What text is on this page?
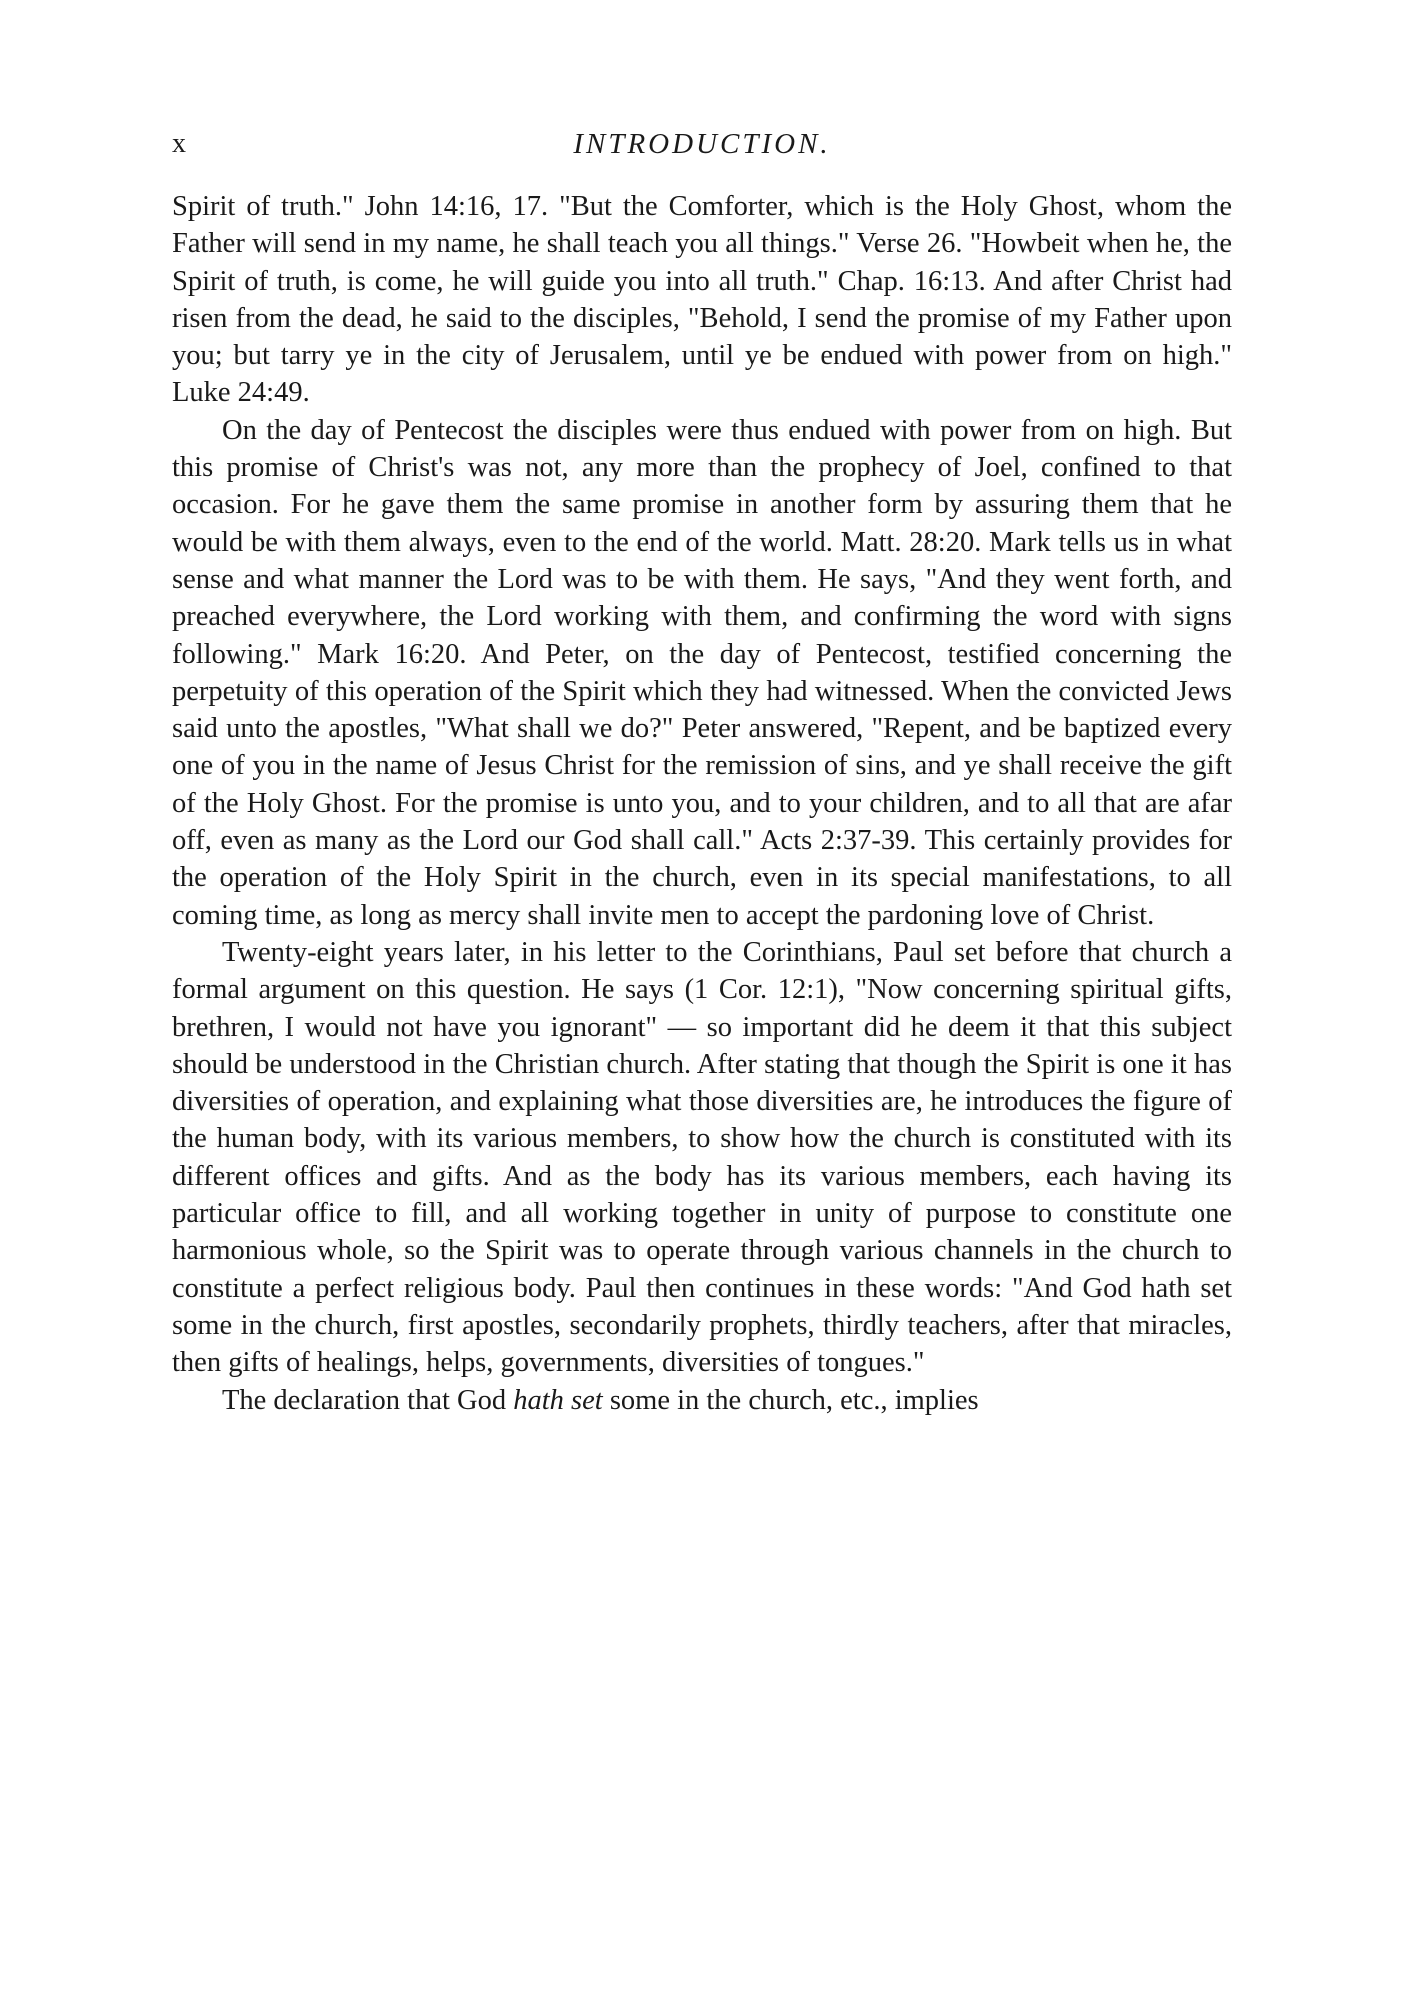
x	INTRODUCTION.

Spirit of truth." John 14:16, 17. "But the Comforter, which is the Holy Ghost, whom the Father will send in my name, he shall teach you all things." Verse 26. "Howbeit when he, the Spirit of truth, is come, he will guide you into all truth." Chap. 16:13. And after Christ had risen from the dead, he said to the disciples, "Behold, I send the promise of my Father upon you; but tarry ye in the city of Jerusalem, until ye be endued with power from on high." Luke 24:49.

On the day of Pentecost the disciples were thus endued with power from on high. But this promise of Christ's was not, any more than the prophecy of Joel, confined to that occasion. For he gave them the same promise in another form by assuring them that he would be with them always, even to the end of the world. Matt. 28:20. Mark tells us in what sense and what manner the Lord was to be with them. He says, "And they went forth, and preached everywhere, the Lord working with them, and confirming the word with signs following." Mark 16:20. And Peter, on the day of Pentecost, testified concerning the perpetuity of this operation of the Spirit which they had witnessed. When the convicted Jews said unto the apostles, "What shall we do?" Peter answered, "Repent, and be baptized every one of you in the name of Jesus Christ for the remission of sins, and ye shall receive the gift of the Holy Ghost. For the promise is unto you, and to your children, and to all that are afar off, even as many as the Lord our God shall call." Acts 2:37-39. This certainly provides for the operation of the Holy Spirit in the church, even in its special manifestations, to all coming time, as long as mercy shall invite men to accept the pardoning love of Christ.

Twenty-eight years later, in his letter to the Corinthians, Paul set before that church a formal argument on this question. He says (1 Cor. 12:1), "Now concerning spiritual gifts, brethren, I would not have you ignorant" — so important did he deem it that this subject should be understood in the Christian church. After stating that though the Spirit is one it has diversities of operation, and explaining what those diversities are, he introduces the figure of the human body, with its various members, to show how the church is constituted with its different offices and gifts. And as the body has its various members, each having its particular office to fill, and all working together in unity of purpose to constitute one harmonious whole, so the Spirit was to operate through various channels in the church to constitute a perfect religious body. Paul then continues in these words: "And God hath set some in the church, first apostles, secondarily prophets, thirdly teachers, after that miracles, then gifts of healings, helps, governments, diversities of tongues."

The declaration that God hath set some in the church, etc., implies
